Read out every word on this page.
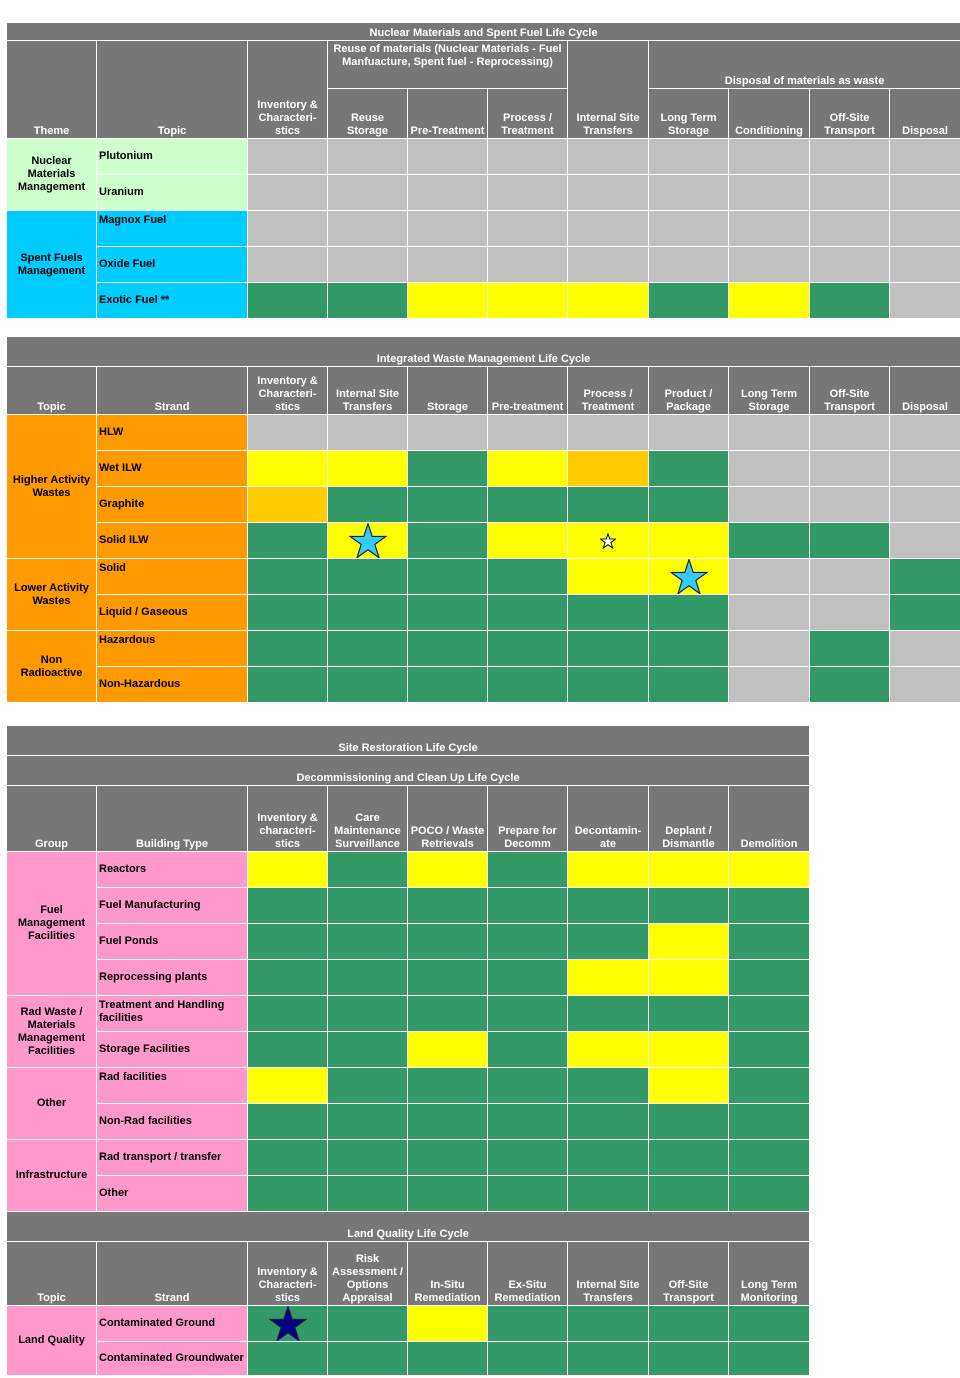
Nuclear Materials and Spent Fuel Life Cycle										
Theme	Topic	Inventory & Characteri-stics	Reuse of materials (Nuclear Materials - Fuel Manfuacture, Spent fuel - Reprocessing)			Internal Site Transfers	Disposal of materials as waste			
			Reuse Storage	Pre-Treatment	Process / Treatment		Long Term Storage	Conditioning	Off-Site Transport	Disposal
Nuclear Materials Management	Plutonium									
	Uranium									
Spent Fuels Management	Magnox Fuel									
	Oxide Fuel									
	Exotic Fuel **									
Integrated Waste Management Life Cycle										
Topic	Strand	Inventory & Characteri-stics	Internal Site Transfers	Storage	Pre-treatment	Process / Treatment	Product / Package	Long Term Storage	Off-Site Transport	Disposal
Higher Activity Wastes	HLW									
	Wet ILW									
	Graphite									
	Solid ILW		

Lower Activity Wastes	Solid						

	Liquid / Gaseous									
Non Radioactive	Hazardous									
	Non-Hazardous									
Site Restoration Life Cycle								
Decommissioning and Clean Up Life Cycle								
Group	Building Type	Inventory & characteri-stics	Care Maintenance Surveillance	POCO / Waste Retrievals	Prepare for Decomm	Decontamin-ate	Deplant / Dismantle	Demolition
Fuel Management Facilities	Reactors							
	Fuel Manufacturing							
	Fuel Ponds							
	Reprocessing plants							
Rad Waste / Materials Management Facilities	Treatment and Handling facilities							
	Storage Facilities							
Other	Rad facilities							
	Non-Rad facilities							
Infrastructure	Rad transport / transfer							
	Other							
Land Quality Life Cycle								
Topic	Strand	Inventory & Characteri-stics	Risk Assessment / Options Appraisal	In-Situ Remediation	Ex-Situ Remediation	Internal Site Transfers	Off-Site Transport	Long Term Monitoring
Land Quality	Contaminated Ground	

	Contaminated Groundwater							
